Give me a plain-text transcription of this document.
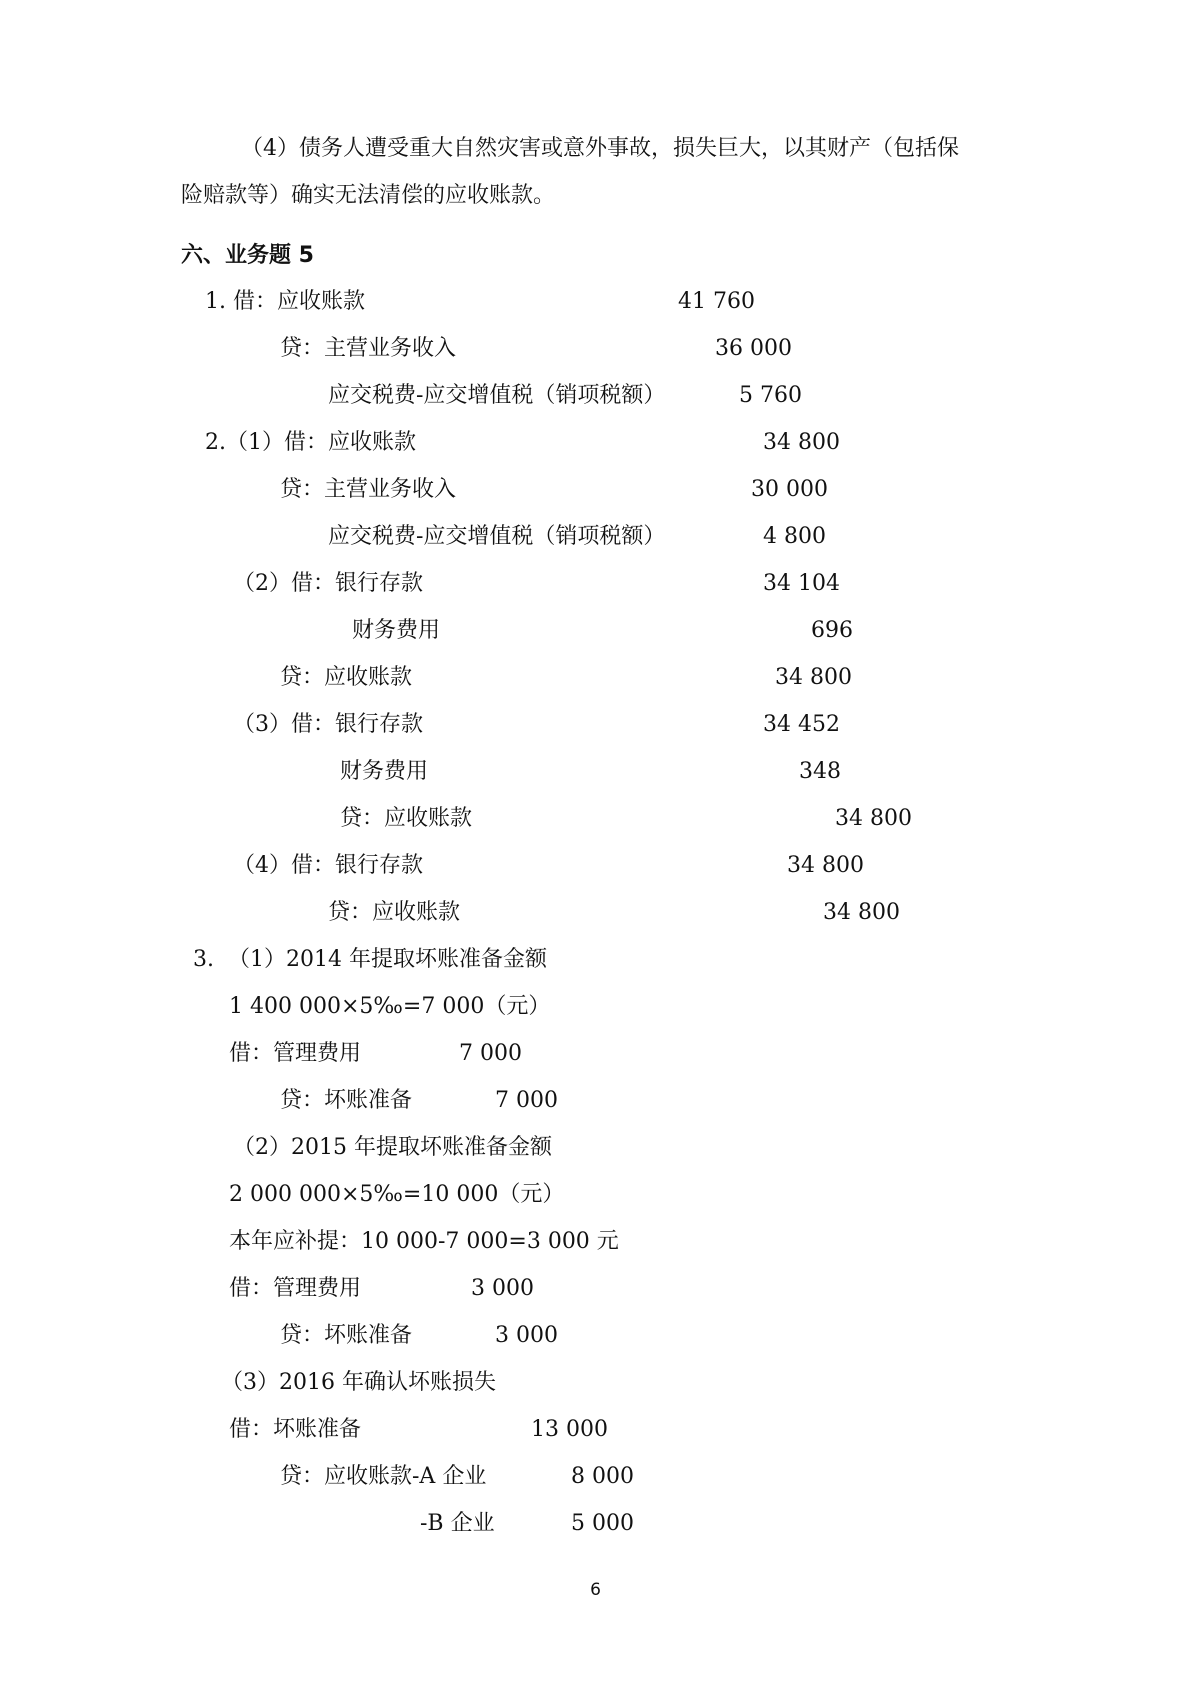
（4）债务人遭受重大自然灾害或意外事故，损失巨大，以其财产（包括保
险赔款等）确实无法清偿的应收账款。
六、业务题 5
1. 借：应收账款	41 760
贷：主营业务收入	36 000
应交税费-应交增值税（销项税额）	5 760
2.（1）借：应收账款	34 800
贷：主营业务收入	30 000
应交税费-应交增值税（销项税额）	4 800
（2）借：银行存款	34 104
财务费用	696
贷：应收账款	34 800
（3）借：银行存款	34 452
财务费用	348
贷：应收账款	34 800
（4）借：银行存款	34 800
贷：应收账款	34 800
3.  （1）2014 年提取坏账准备金额
1 400 000×5‰=7 000（元）
借：管理费用	7 000
贷：坏账准备	7 000
（2）2015 年提取坏账准备金额
2 000 000×5‰=10 000（元）
本年应补提：10 000-7 000=3 000 元
借：管理费用	3 000
贷：坏账准备	3 000
（3）2016 年确认坏账损失
借：坏账准备	13 000
贷：应收账款-A 企业	8 000
-B 企业	5 000
6
